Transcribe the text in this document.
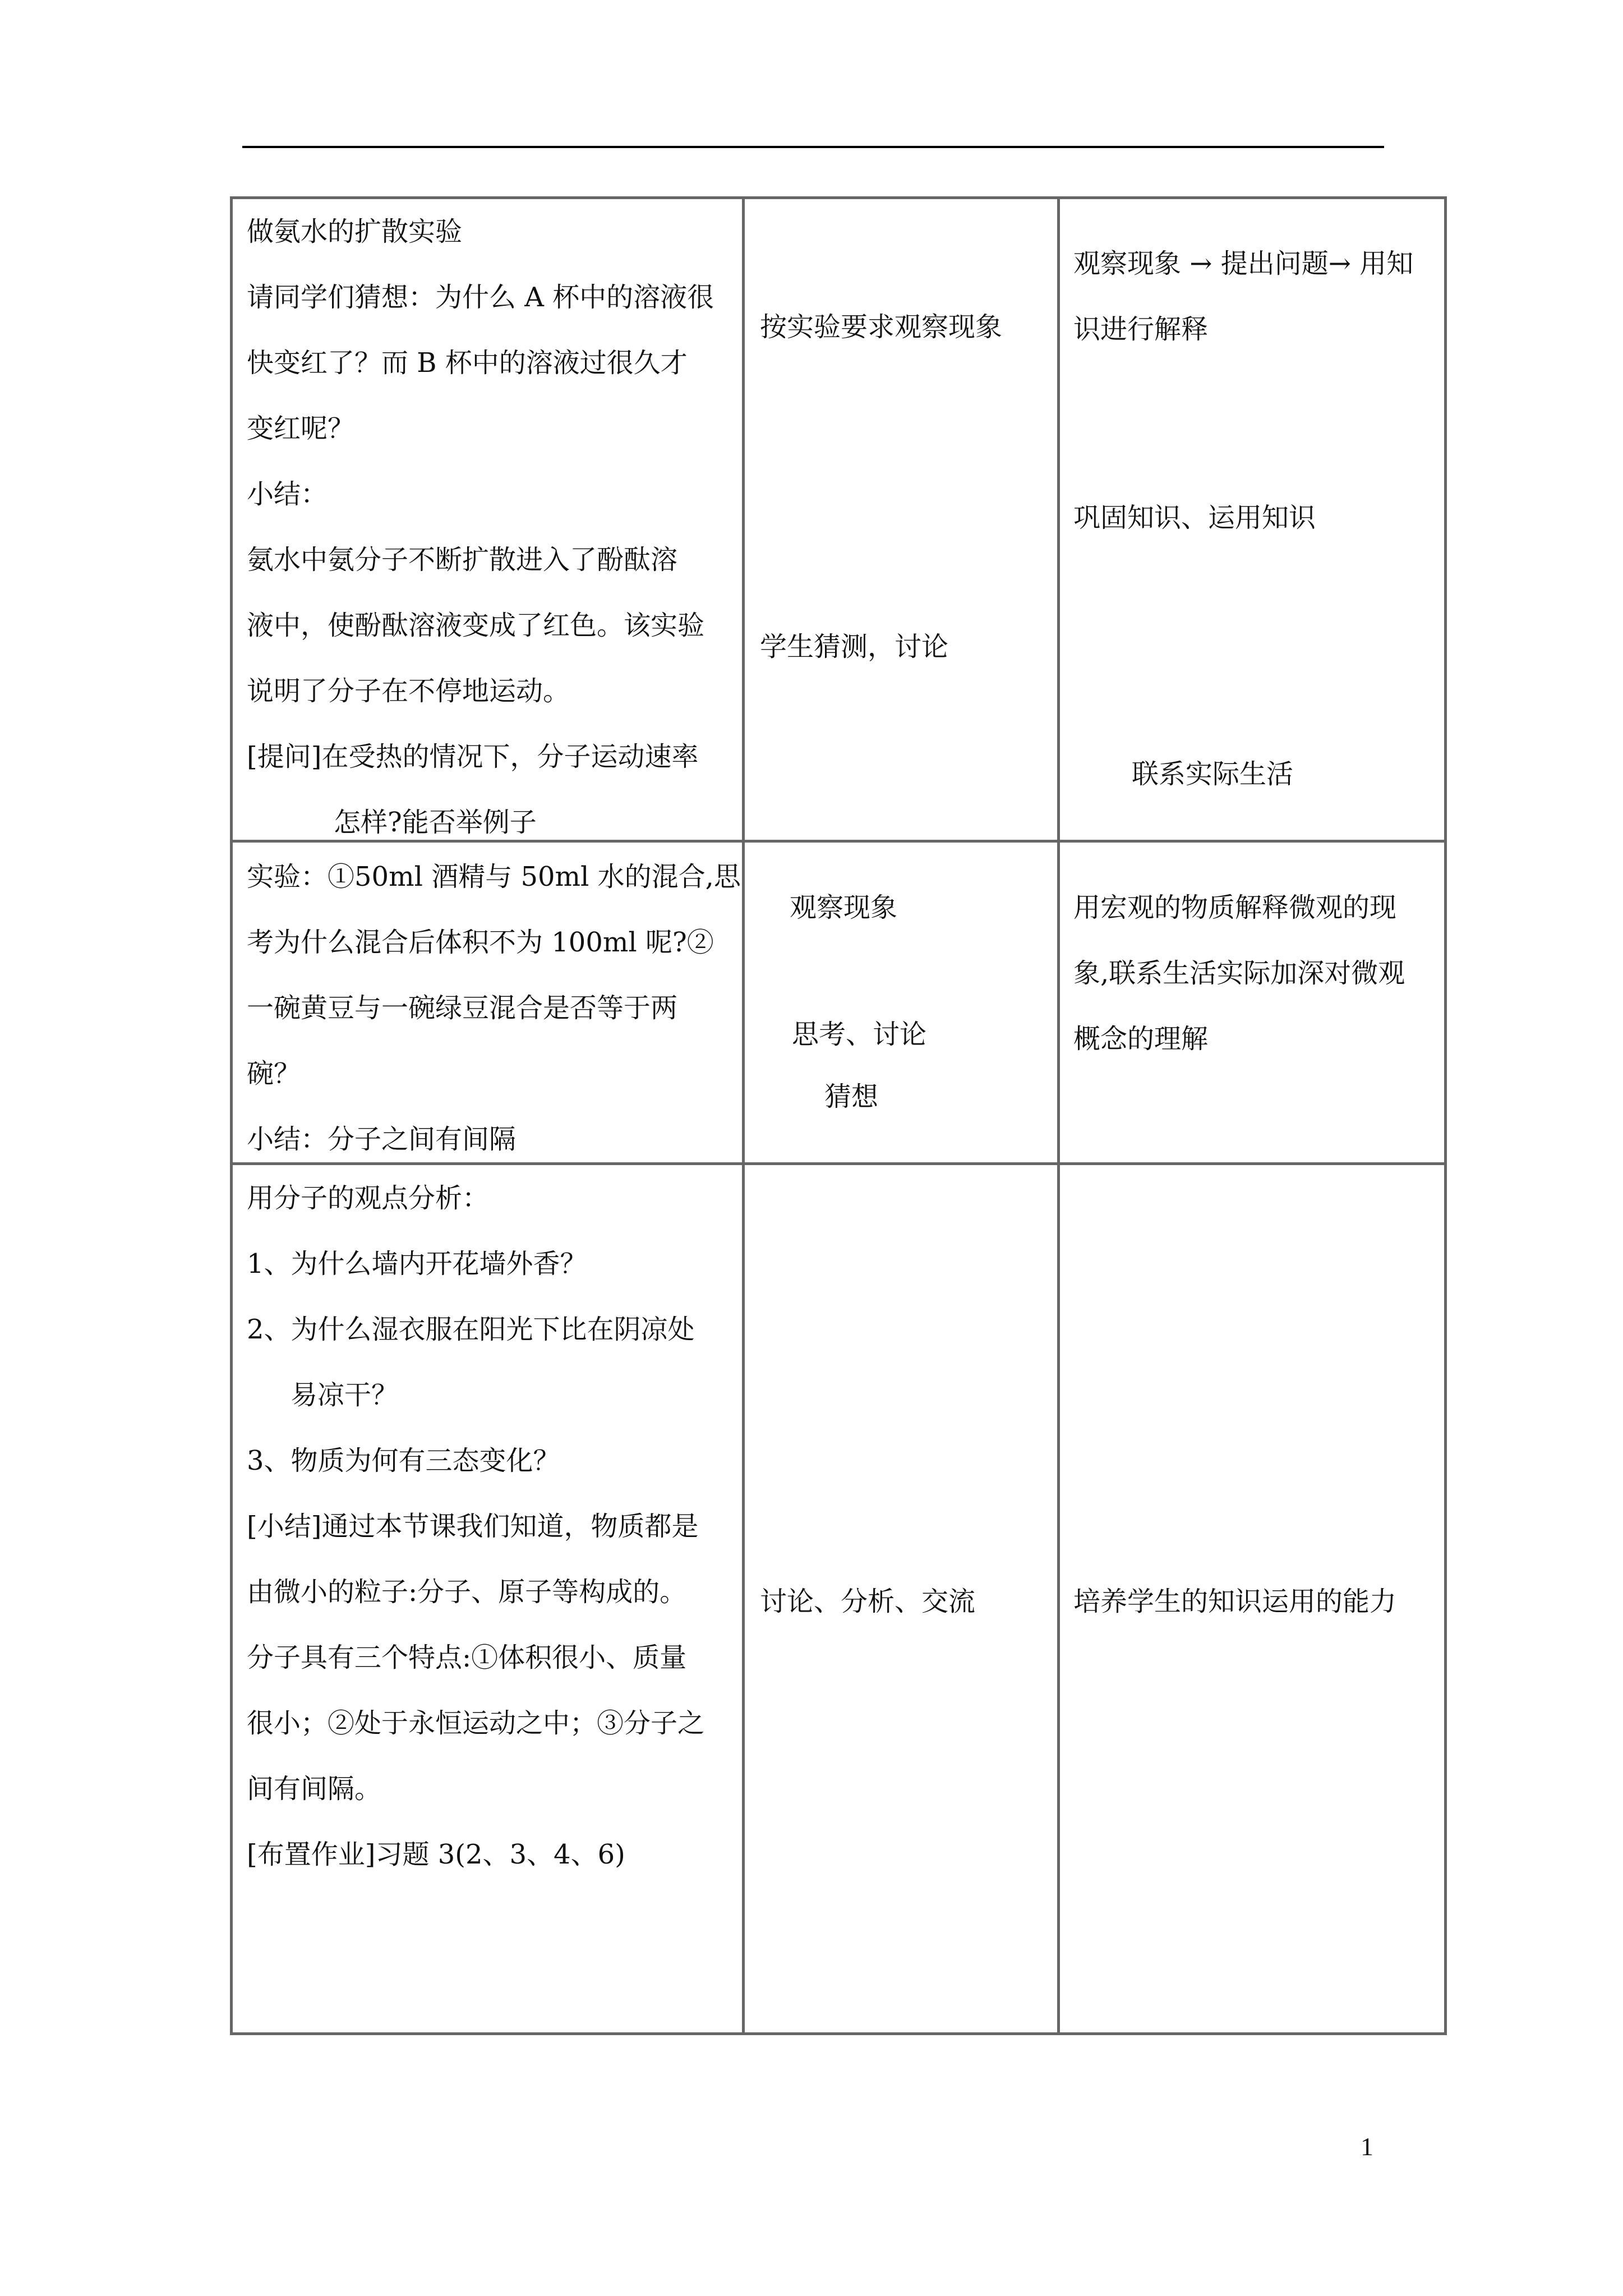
做氨水的扩散实验

请同学们猜想：为什么 A 杯中的溶液很

快变红了？而 B 杯中的溶液过很久才

变红呢？

小结：

氨水中氨分子不断扩散进入了酚酞溶

液中，使酚酞溶液变成了红色。该实验

说明了分子在不停地运动。

[提问]在受热的情况下，分子运动速率

怎样?能否举例子

按实验要求观察现象
学生猜测，讨论

观察现象 → 提出问题→ 用知

识进行解释

巩固知识、运用知识
联系实际生活

实验：①50ml 酒精与 50ml 水的混合,思

考为什么混合后体积不为 100ml 呢?②

一碗黄豆与一碗绿豆混合是否等于两

碗？

小结：分子之间有间隔

观察现象
思考、讨论
猜想

用宏观的物质解释微观的现

象,联系生活实际加深对微观

概念的理解

用分子的观点分析：

1、为什么墙内开花墙外香？

2、为什么湿衣服在阳光下比在阴凉处

易凉干？

3、物质为何有三态变化？

[小结]通过本节课我们知道，物质都是

由微小的粒子:分子、原子等构成的。

分子具有三个特点:①体积很小、质量

很小；②处于永恒运动之中；③分子之

间有间隔。

[布置作业]习题 3(2、3、4、6)

讨论、分析、交流	培养学生的知识运用的能力
1
